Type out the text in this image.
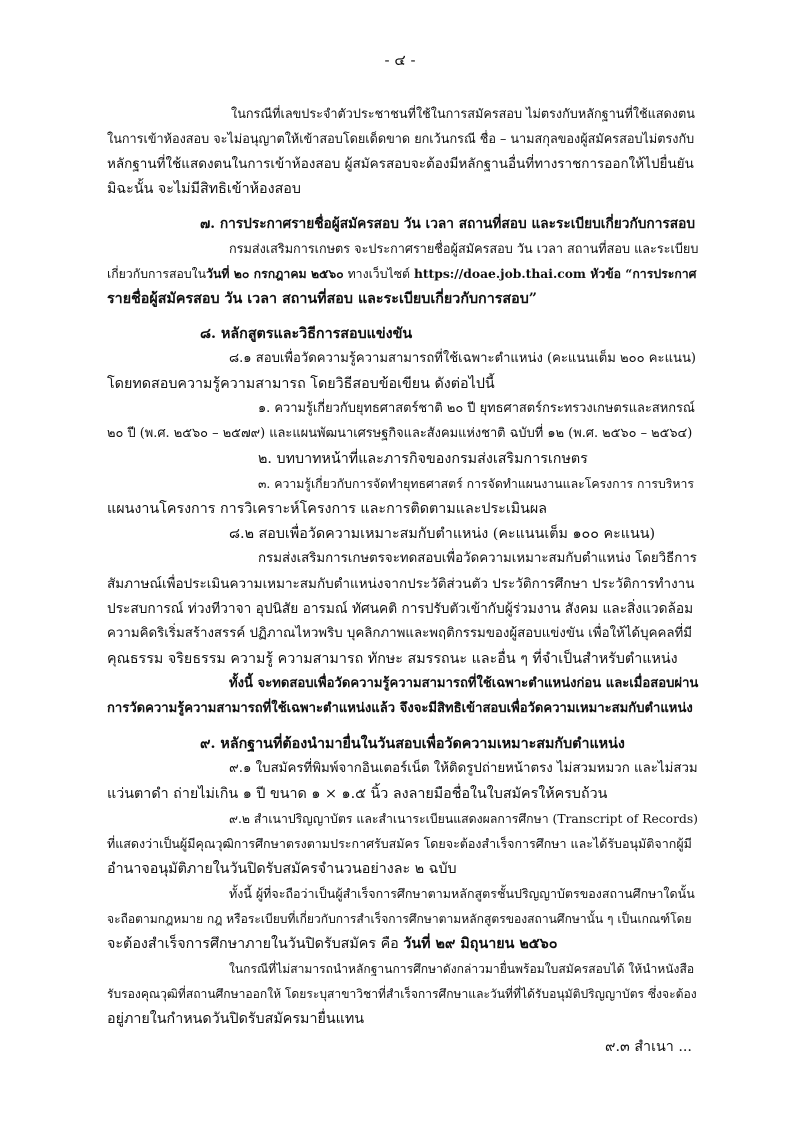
- ๔ -
ในกรณีที่เลขประจำตัวประชาชนที่ใช้ในการสมัครสอบ ไม่ตรงกับหลักฐานที่ใช้แสดงตน
ในการเข้าห้องสอบ จะไม่อนุญาตให้เข้าสอบโดยเด็ดขาด ยกเว้นกรณี ชื่อ – นามสกุลของผู้สมัครสอบไม่ตรงกับ
หลักฐานที่ใช้แสดงตนในการเข้าห้องสอบ ผู้สมัครสอบจะต้องมีหลักฐานอื่นที่ทางราชการออกให้ไปยื่นยัน
มิฉะนั้น จะไม่มีสิทธิเข้าห้องสอบ
๗. การประกาศรายชื่อผู้สมัครสอบ วัน เวลา สถานที่สอบ และระเบียบเกี่ยวกับการสอบ
กรมส่งเสริมการเกษตร จะประกาศรายชื่อผู้สมัครสอบ วัน เวลา สถานที่สอบ และระเบียบ
เกี่ยวกับการสอบในวันที่ ๒๐ กรกฎาคม ๒๕๖๐ ทางเว็บไซต์ https://doae.job.thai.com หัวข้อ “การประกาศ
รายชื่อผู้สมัครสอบ วัน เวลา สถานที่สอบ และระเบียบเกี่ยวกับการสอบ”
๘. หลักสูตรและวิธีการสอบแข่งขัน
๘.๑ สอบเพื่อวัดความรู้ความสามารถที่ใช้เฉพาะตำแหน่ง (คะแนนเต็ม ๒๐๐ คะแนน)
โดยทดสอบความรู้ความสามารถ โดยวิธีสอบข้อเขียน ดังต่อไปนี้
๑. ความรู้เกี่ยวกับยุทธศาสตร์ชาติ ๒๐ ปี ยุทธศาสตร์กระทรวงเกษตรและสหกรณ์
๒๐ ปี (พ.ศ. ๒๕๖๐ – ๒๕๗๙) และแผนพัฒนาเศรษฐกิจและสังคมแห่งชาติ ฉบับที่ ๑๒ (พ.ศ. ๒๕๖๐ – ๒๕๖๔)
๒. บทบาทหน้าที่และภารกิจของกรมส่งเสริมการเกษตร
๓. ความรู้เกี่ยวกับการจัดทำยุทธศาสตร์ การจัดทำแผนงานและโครงการ การบริหาร
แผนงานโครงการ การวิเคราะห์โครงการ และการติดตามและประเมินผล
๘.๒ สอบเพื่อวัดความเหมาะสมกับตำแหน่ง (คะแนนเต็ม ๑๐๐ คะแนน)
กรมส่งเสริมการเกษตรจะทดสอบเพื่อวัดความเหมาะสมกับตำแหน่ง โดยวิธีการ
สัมภาษณ์เพื่อประเมินความเหมาะสมกับตำแหน่งจากประวัติส่วนตัว ประวัติการศึกษา ประวัติการทำงาน
ประสบการณ์ ท่วงทีวาจา อุปนิสัย อารมณ์ ทัศนคติ การปรับตัวเข้ากับผู้ร่วมงาน สังคม และสิ่งแวดล้อม
ความคิดริเริ่มสร้างสรรค์ ปฏิภาณไหวพริบ บุคลิกภาพและพฤติกรรมของผู้สอบแข่งขัน เพื่อให้ได้บุคคลที่มี
คุณธรรม จริยธรรม ความรู้ ความสามารถ ทักษะ สมรรถนะ และอื่น ๆ ที่จำเป็นสำหรับตำแหน่ง
ทั้งนี้ จะทดสอบเพื่อวัดความรู้ความสามารถที่ใช้เฉพาะตำแหน่งก่อน และเมื่อสอบผ่าน
การวัดความรู้ความสามารถที่ใช้เฉพาะตำแหน่งแล้ว จึงจะมีสิทธิเข้าสอบเพื่อวัดความเหมาะสมกับตำแหน่ง
๙. หลักฐานที่ต้องนำมายื่นในวันสอบเพื่อวัดความเหมาะสมกับตำแหน่ง
๙.๑ ใบสมัครที่พิมพ์จากอินเตอร์เน็ต ให้ติดรูปถ่ายหน้าตรง ไม่สวมหมวก และไม่สวม
แว่นตาดำ ถ่ายไม่เกิน ๑ ปี ขนาด ๑ × ๑.๕ นิ้ว ลงลายมือชื่อในใบสมัครให้ครบถ้วน
๙.๒ สำเนาปริญญาบัตร และสำเนาระเบียนแสดงผลการศึกษา (Transcript of Records)
ที่แสดงว่าเป็นผู้มีคุณวุฒิการศึกษาตรงตามประกาศรับสมัคร โดยจะต้องสำเร็จการศึกษา และได้รับอนุมัติจากผู้มี
อำนาจอนุมัติภายในวันปิดรับสมัครจำนวนอย่างละ ๒ ฉบับ
ทั้งนี้ ผู้ที่จะถือว่าเป็นผู้สำเร็จการศึกษาตามหลักสูตรชั้นปริญญาบัตรของสถานศึกษาใดนั้น
จะถือตามกฎหมาย กฎ หรือระเบียบที่เกี่ยวกับการสำเร็จการศึกษาตามหลักสูตรของสถานศึกษานั้น ๆ เป็นเกณฑ์โดย
จะต้องสำเร็จการศึกษาภายในวันปิดรับสมัคร คือ วันที่ ๒๙ มิถุนายน ๒๕๖๐
ในกรณีที่ไม่สามารถนำหลักฐานการศึกษาดังกล่าวมายื่นพร้อมใบสมัครสอบได้ ให้นำหนังสือ
รับรองคุณวุฒิที่สถานศึกษาออกให้ โดยระบุสาขาวิชาที่สำเร็จการศึกษาและวันที่ที่ได้รับอนุมัติปริญญาบัตร ซึ่งจะต้อง
อยู่ภายในกำหนดวันปิดรับสมัครมายื่นแทน
๙.๓ สำเนา ...
